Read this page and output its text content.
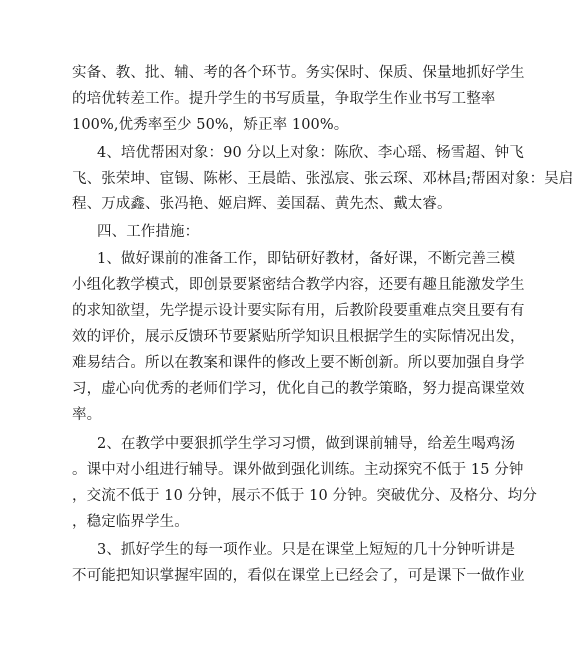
实备、教、批、辅、考的各个环节。务实保时、保质、保量地抓好学生
的培优转差工作。提升学生的书写质量，争取学生作业书写工整率
100%,优秀率至少 50%，矫正率 100%。
4、培优帮困对象：90 分以上对象：陈欣、李心瑶、杨雪超、钟飞
飞、张荣坤、宦锡、陈彬、王晨皓、张泓宸、张云琛、邓林昌;帮困对象：吴启
程、万成鑫、张冯艳、姬启辉、姜国磊、黄先杰、戴太睿。
四、工作措施：
1、做好课前的准备工作，即钻研好教材，备好课，不断完善三模
小组化教学模式，即创景要紧密结合教学内容，还要有趣且能激发学生
的求知欲望，先学提示设计要实际有用，后教阶段要重难点突且要有有
效的评价，展示反馈环节要紧贴所学知识且根据学生的实际情况出发，
难易结合。所以在教案和课件的修改上要不断创新。所以要加强自身学
习，虚心向优秀的老师们学习，优化自己的教学策略，努力提高课堂效
率。
2、在教学中要狠抓学生学习习惯，做到课前辅导，给差生喝鸡汤
。课中对小组进行辅导。课外做到强化训练。主动探究不低于 15 分钟
，交流不低于 10 分钟，展示不低于 10 分钟。突破优分、及格分、均分
，稳定临界学生。
3、抓好学生的每一项作业。只是在课堂上短短的几十分钟听讲是
不可能把知识掌握牢固的，看似在课堂上已经会了，可是课下一做作业
